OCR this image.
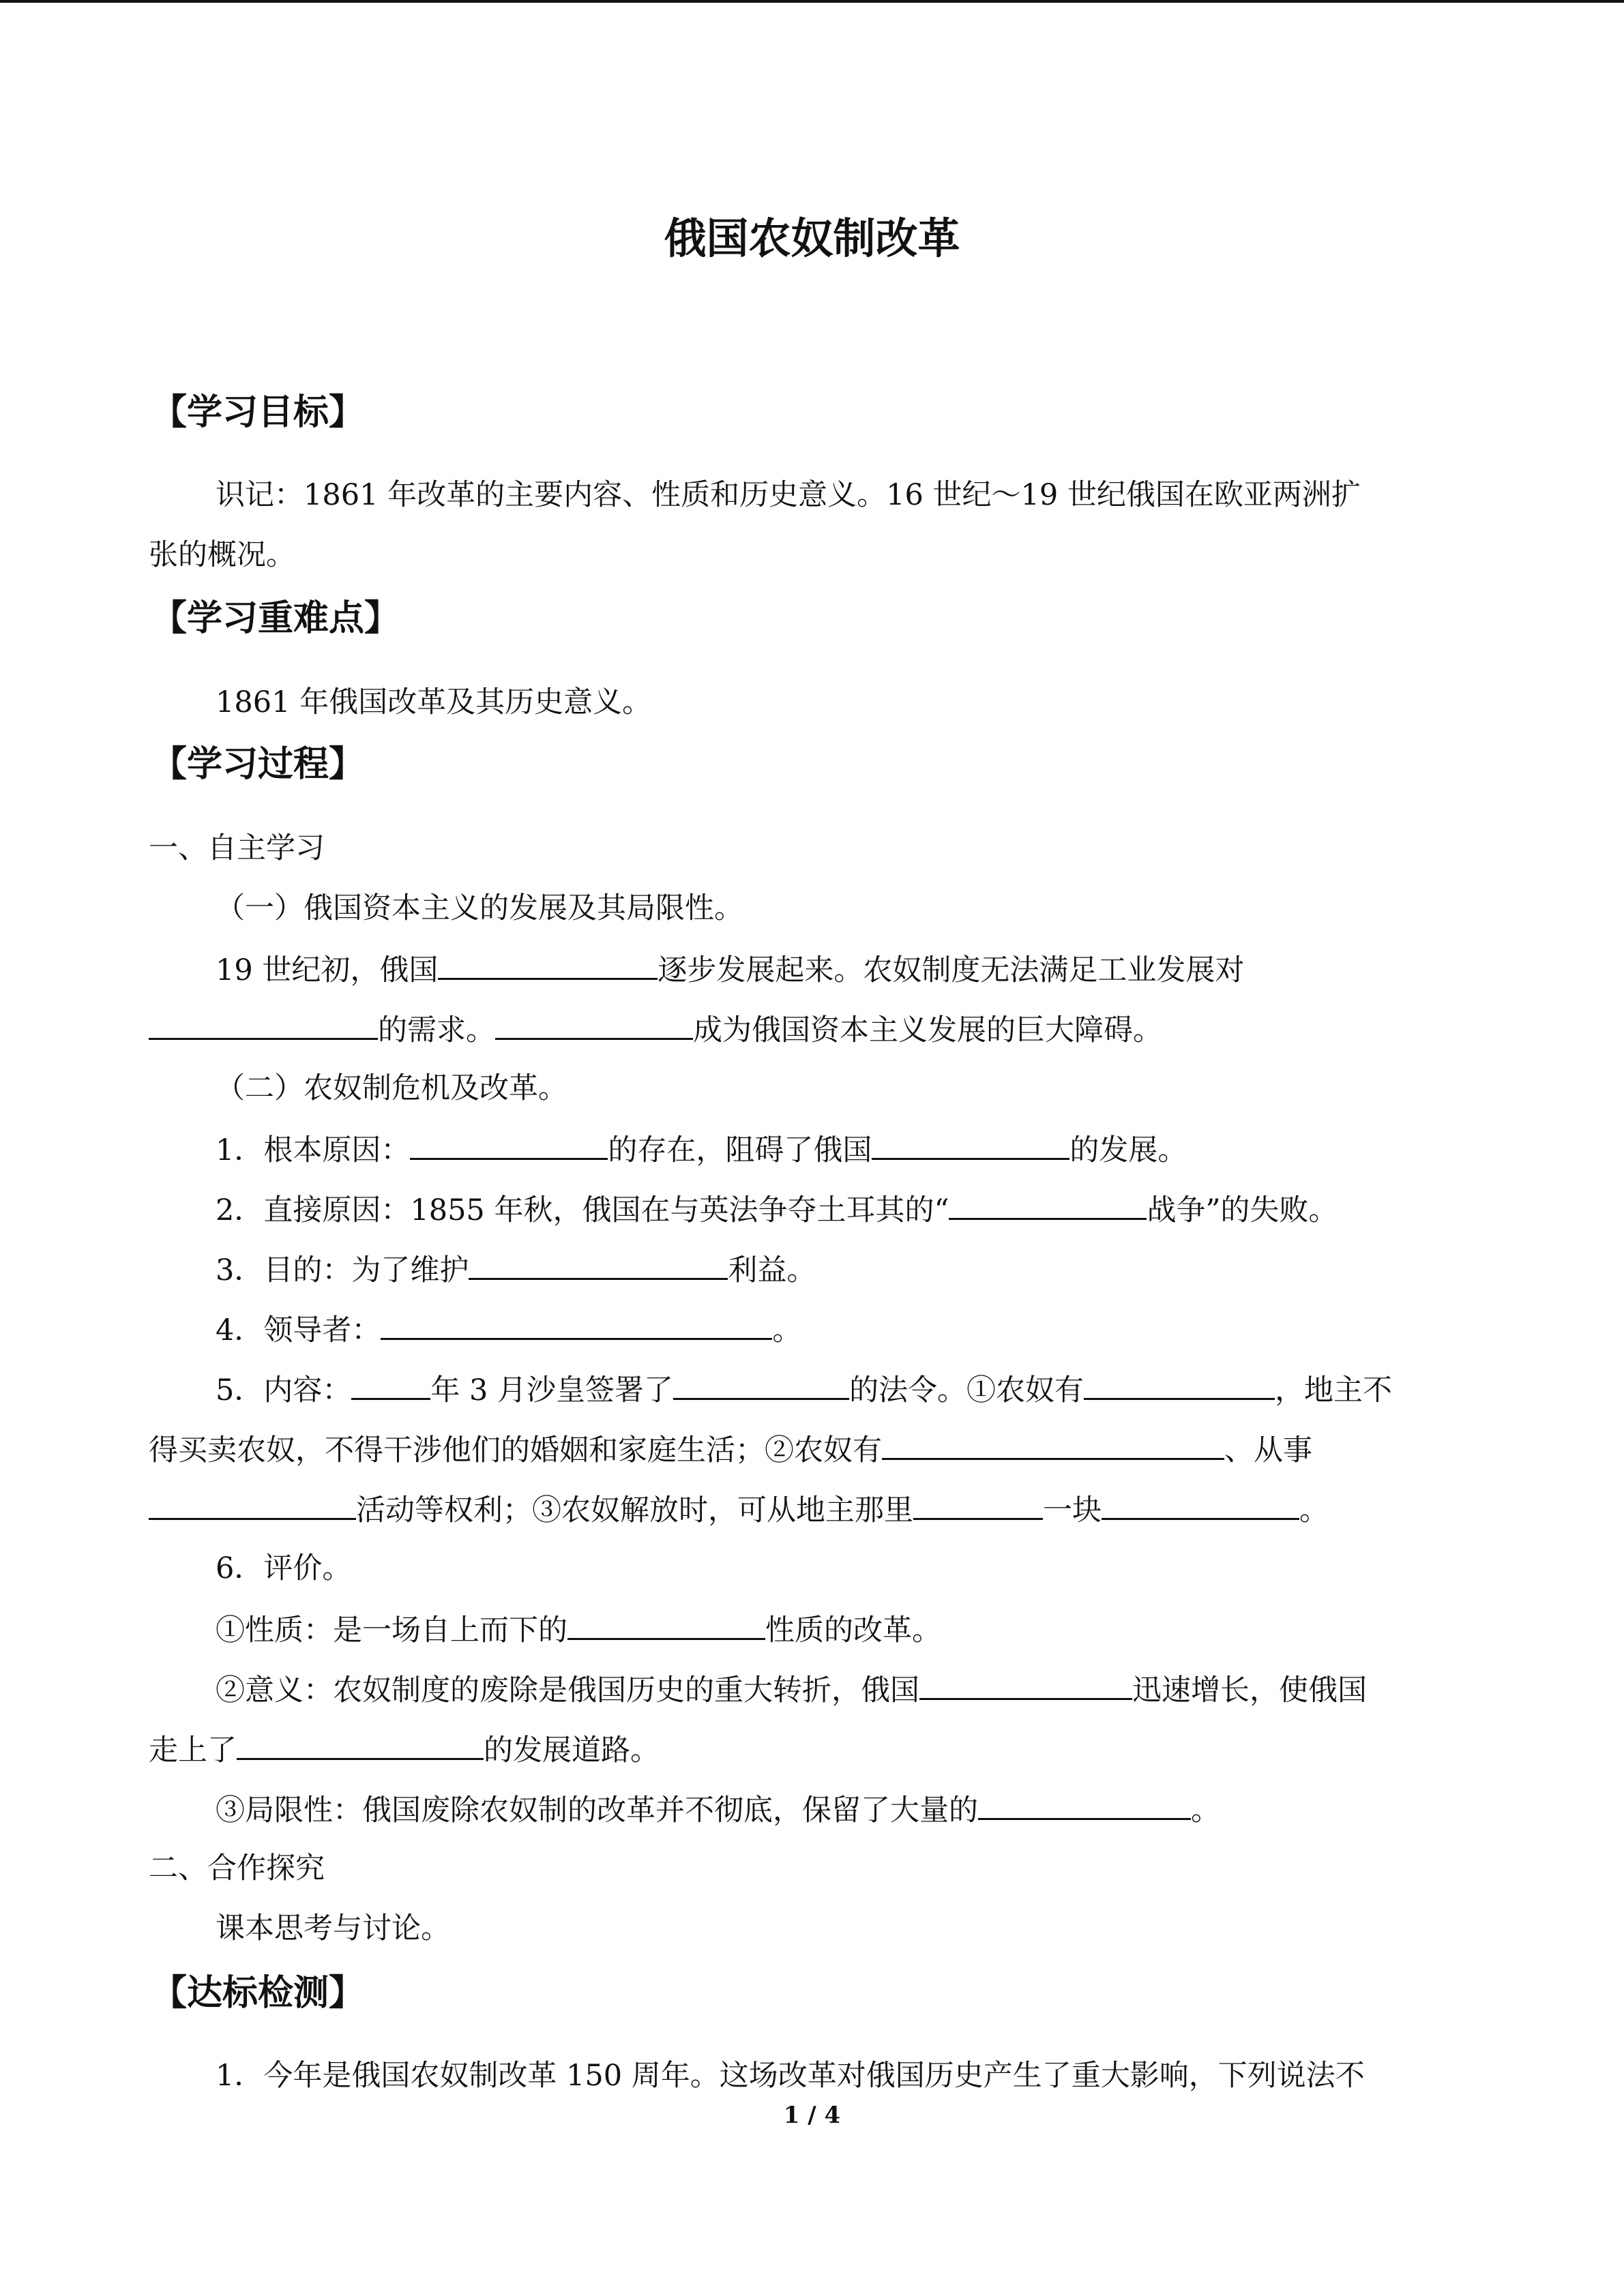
俄国农奴制改革
【学习目标】
识记：1861 年改革的主要内容、性质和历史意义。16 世纪～19 世纪俄国在欧亚两洲扩
张的概况。
【学习重难点】
1861 年俄国改革及其历史意义。
【学习过程】
一、自主学习
（一）俄国资本主义的发展及其局限性。
19 世纪初，俄国	逐步发展起来。农奴制度无法满足工业发展对
的需求。	成为俄国资本主义发展的巨大障碍。
（二）农奴制危机及改革。
1．根本原因：	的存在，阻碍了俄国	的发展。
2．直接原因：1855 年秋，俄国在与英法争夺土耳其的“	战争”的失败。
3．目的：为了维护	利益。
4．领导者：	。
5．内容：	年 3 月沙皇签署了	的法令。①农奴有	，地主不
得买卖农奴，不得干涉他们的婚姻和家庭生活；②农奴有	、从事
活动等权利；③农奴解放时，可从地主那里	一块	。
6．评价。
①性质：是一场自上而下的	性质的改革。
②意义：农奴制度的废除是俄国历史的重大转折，俄国	迅速增长，使俄国
走上了	的发展道路。
③局限性：俄国废除农奴制的改革并不彻底，保留了大量的	。
二、合作探究
课本思考与讨论。
【达标检测】
1．今年是俄国农奴制改革 150 周年。这场改革对俄国历史产生了重大影响，下列说法不
1 / 4
